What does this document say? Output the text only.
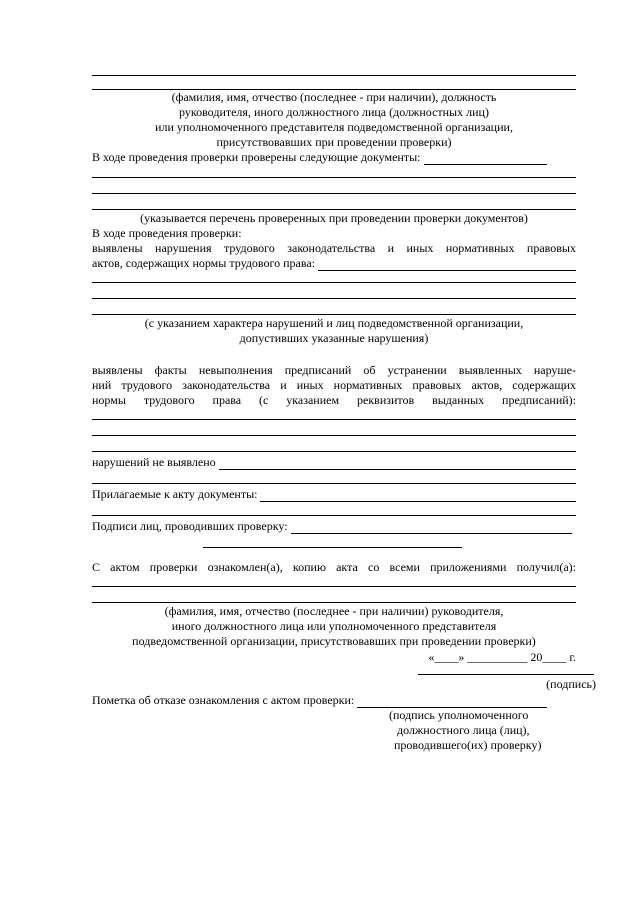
(фамилия, имя, отчество (последнее - при наличии), должность
руководителя, иного должностного лица (должностных лиц)
или уполномоченного представителя подведомственной организации,
присутствовавших при проведении проверки)
В ходе проведения проверки проверены следующие документы:
(указывается перечень проверенных при проведении проверки документов)
В ходе проведения проверки:
выявлены нарушения трудового законодательства и иных нормативных правовых
актов, содержащих нормы трудового права:
(с указанием характера нарушений и лиц подведомственной организации,
допустивших указанные нарушения)
выявлены факты невыполнения предписаний об устранении выявленных наруше-
ний трудового законодательства и иных нормативных правовых актов, содержащих
нормы трудового права (с указанием реквизитов выданных предписаний):
нарушений не выявлено
Прилагаемые к акту документы:
Подписи лиц, проводивших проверку:
С актом проверки ознакомлен(а), копию акта со всеми приложениями получил(а):
(фамилия, имя, отчество (последнее - при наличии) руководителя,
иного должностного лица или уполномоченного представителя
подведомственной организации, присутствовавших при проведении проверки)
«____» __________ 20____ г.
(подпись)
Пометка об отказе ознакомления с актом проверки:
(подпись уполномоченного
должностного лица (лиц),
проводившего(их) проверку)
